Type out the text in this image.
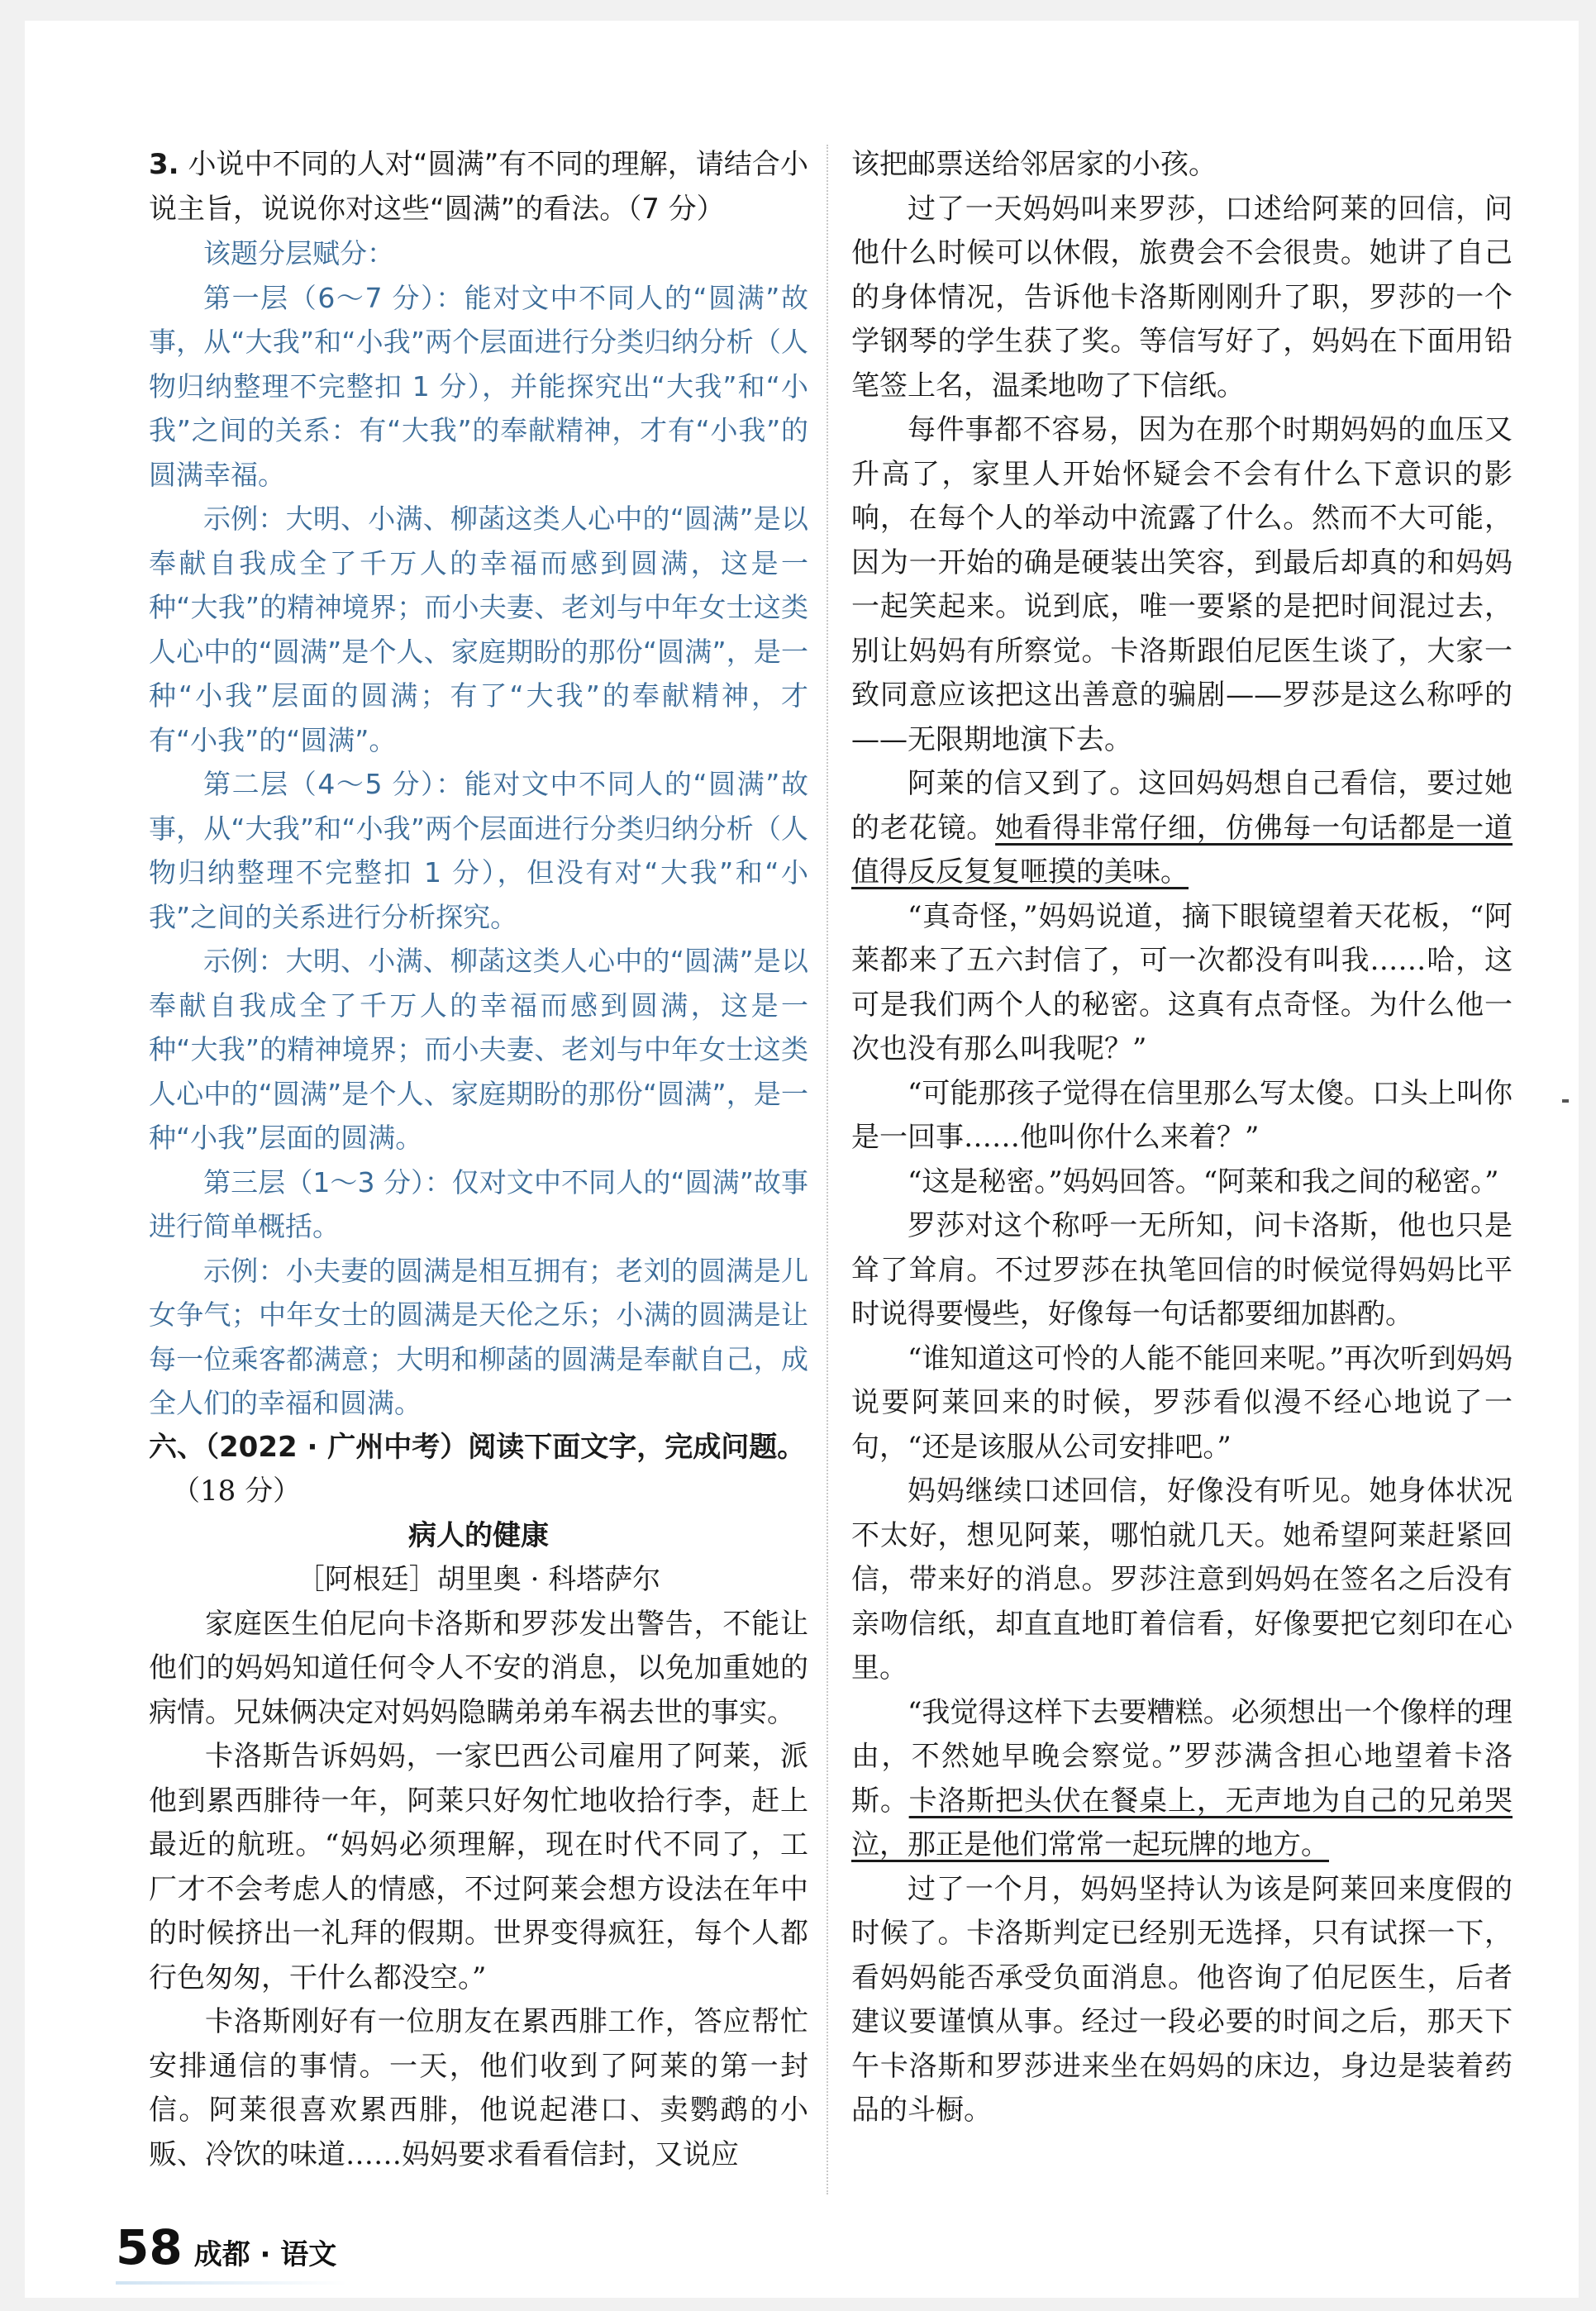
3. 小说中不同的人对“圆满”有不同的理解，请结合小说主旨，说说你对这些“圆满”的看法。（7 分）

该题分层赋分：

第一层（6～7 分）：能对文中不同人的“圆满”故事，从“大我”和“小我”两个层面进行分类归纳分析（人物归纳整理不完整扣 1 分），并能探究出“大我”和“小我”之间的关系：有“大我”的奉献精神，才有“小我”的圆满幸福。

示例：大明、小满、柳菡这类人心中的“圆满”是以奉献自我成全了千万人的幸福而感到圆满，这是一种“大我”的精神境界；而小夫妻、老刘与中年女士这类人心中的“圆满”是个人、家庭期盼的那份“圆满”，是一种“小我”层面的圆满；有了“大我”的奉献精神，才有“小我”的“圆满”。

第二层（4～5 分）：能对文中不同人的“圆满”故事，从“大我”和“小我”两个层面进行分类归纳分析（人物归纳整理不完整扣 1 分），但没有对“大我”和“小我”之间的关系进行分析探究。

示例：大明、小满、柳菡这类人心中的“圆满”是以奉献自我成全了千万人的幸福而感到圆满，这是一种“大我”的精神境界；而小夫妻、老刘与中年女士这类人心中的“圆满”是个人、家庭期盼的那份“圆满”，是一种“小我”层面的圆满。

第三层（1～3 分）：仅对文中不同人的“圆满”故事进行简单概括。

示例：小夫妻的圆满是相互拥有；老刘的圆满是儿女争气；中年女士的圆满是天伦之乐；小满的圆满是让每一位乘客都满意；大明和柳菡的圆满是奉献自己，成全人们的幸福和圆满。

六、（2022 · 广州中考）阅读下面文字，完成问题。

（18 分）

病人的健康

［阿根廷］胡里奥 · 科塔萨尔

家庭医生伯尼向卡洛斯和罗莎发出警告，不能让他们的妈妈知道任何令人不安的消息，以免加重她的病情。兄妹俩决定对妈妈隐瞒弟弟车祸去世的事实。

卡洛斯告诉妈妈，一家巴西公司雇用了阿莱，派他到累西腓待一年，阿莱只好匆忙地收拾行李，赶上最近的航班。“妈妈必须理解，现在时代不同了，工厂才不会考虑人的情感，不过阿莱会想方设法在年中的时候挤出一礼拜的假期。世界变得疯狂，每个人都行色匆匆，干什么都没空。”

卡洛斯刚好有一位朋友在累西腓工作，答应帮忙安排通信的事情。一天，他们收到了阿莱的第一封信。阿莱很喜欢累西腓，他说起港口、卖鹦鹉的小贩、冷饮的味道……妈妈要求看看信封，又说应

该把邮票送给邻居家的小孩。

过了一天妈妈叫来罗莎，口述给阿莱的回信，问他什么时候可以休假，旅费会不会很贵。她讲了自己的身体情况，告诉他卡洛斯刚刚升了职，罗莎的一个学钢琴的学生获了奖。等信写好了，妈妈在下面用铅笔签上名，温柔地吻了下信纸。

每件事都不容易，因为在那个时期妈妈的血压又升高了，家里人开始怀疑会不会有什么下意识的影响，在每个人的举动中流露了什么。然而不大可能，因为一开始的确是硬装出笑容，到最后却真的和妈妈一起笑起来。说到底，唯一要紧的是把时间混过去，别让妈妈有所察觉。卡洛斯跟伯尼医生谈了，大家一致同意应该把这出善意的骗剧——罗莎是这么称呼的——无限期地演下去。

阿莱的信又到了。这回妈妈想自己看信，要过她的老花镜。她看得非常仔细，仿佛每一句话都是一道值得反反复复咂摸的美味。

“真奇怪，”妈妈说道，摘下眼镜望着天花板，“阿莱都来了五六封信了，可一次都没有叫我……哈，这可是我们两个人的秘密。这真有点奇怪。为什么他一次也没有那么叫我呢？”

“可能那孩子觉得在信里那么写太傻。口头上叫你是一回事……他叫你什么来着？”

“这是秘密。”妈妈回答。“阿莱和我之间的秘密。”

罗莎对这个称呼一无所知，问卡洛斯，他也只是耸了耸肩。不过罗莎在执笔回信的时候觉得妈妈比平时说得要慢些，好像每一句话都要细加斟酌。

“谁知道这可怜的人能不能回来呢。”再次听到妈妈说要阿莱回来的时候，罗莎看似漫不经心地说了一句，“还是该服从公司安排吧。”

妈妈继续口述回信，好像没有听见。她身体状况不太好，想见阿莱，哪怕就几天。她希望阿莱赶紧回信，带来好的消息。罗莎注意到妈妈在签名之后没有亲吻信纸，却直直地盯着信看，好像要把它刻印在心里。

“我觉得这样下去要糟糕。必须想出一个像样的理由，不然她早晚会察觉。”罗莎满含担心地望着卡洛斯。卡洛斯把头伏在餐桌上，无声地为自己的兄弟哭泣，那正是他们常常一起玩牌的地方。

过了一个月，妈妈坚持认为该是阿莱回来度假的时候了。卡洛斯判定已经别无选择，只有试探一下，看妈妈能否承受负面消息。他咨询了伯尼医生，后者建议要谨慎从事。经过一段必要的时间之后，那天下午卡洛斯和罗莎进来坐在妈妈的床边，身边是装着药品的斗橱。

58 成都 · 语文
